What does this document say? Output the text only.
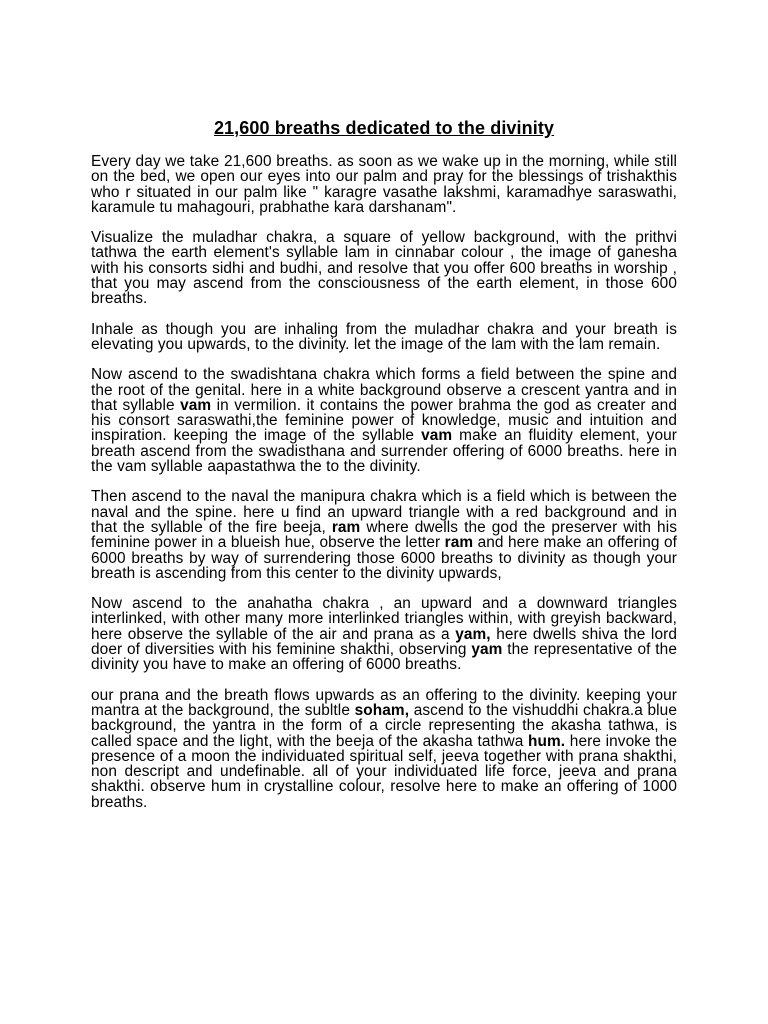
21,600 breaths dedicated to the divinity
Every day we take 21,600 breaths. as soon as we wake up in the morning, while still on the bed, we open our eyes into our palm and pray for the blessings of trishakthis who r situated in our palm like " karagre vasathe lakshmi, karamadhye saraswathi, karamule tu mahagouri, prabhathe kara darshanam".
Visualize the muladhar chakra, a square of yellow background, with the prithvi tathwa the earth element's syllable lam in cinnabar colour , the image of ganesha with his consorts sidhi and budhi, and resolve that you offer 600 breaths in worship , that you may ascend from the consciousness of the earth element, in those 600 breaths.
Inhale as though you are inhaling from the muladhar chakra and your breath is elevating you upwards, to the divinity. let the image of the lam with the lam remain.
Now ascend to the swadishtana chakra which forms a field between the spine and the root of the genital. here in a white background observe a crescent yantra and in that syllable vam in vermilion. it contains the power brahma the god as creater and his consort saraswathi,the feminine power of knowledge, music and intuition and inspiration. keeping the image of the syllable vam make an fluidity element, your breath ascend from the swadisthana and surrender offering of 6000 breaths. here in the vam syllable aapastathwa the to the divinity.
Then ascend to the naval the manipura chakra which is a field which is between the naval and the spine. here u find an upward triangle with a red background and in that the syllable of the fire beeja, ram where dwells the god the preserver with his feminine power in a blueish hue, observe the letter ram and here make an offering of 6000 breaths by way of surrendering those 6000 breaths to divinity as though your breath is ascending from this center to the divinity upwards,
Now ascend to the anahatha chakra , an upward and a downward triangles interlinked, with other many more interlinked triangles within, with greyish backward, here observe the syllable of the air and prana as a yam, here dwells shiva the lord doer of diversities with his feminine shakthi, observing yam the representative of the divinity you have to make an offering of 6000 breaths.
our prana and the breath flows upwards as an offering to the divinity. keeping your mantra at the background, the subltle soham, ascend to the vishuddhi chakra.a blue background, the yantra in the form of a circle representing the akasha tathwa, is called space and the light, with the beeja of the akasha tathwa hum. here invoke the presence of a moon the individuated spiritual self, jeeva together with prana shakthi, non descript and undefinable. all of your individuated life force, jeeva and prana shakthi. observe hum in crystalline colour, resolve here to make an offering of 1000 breaths.
